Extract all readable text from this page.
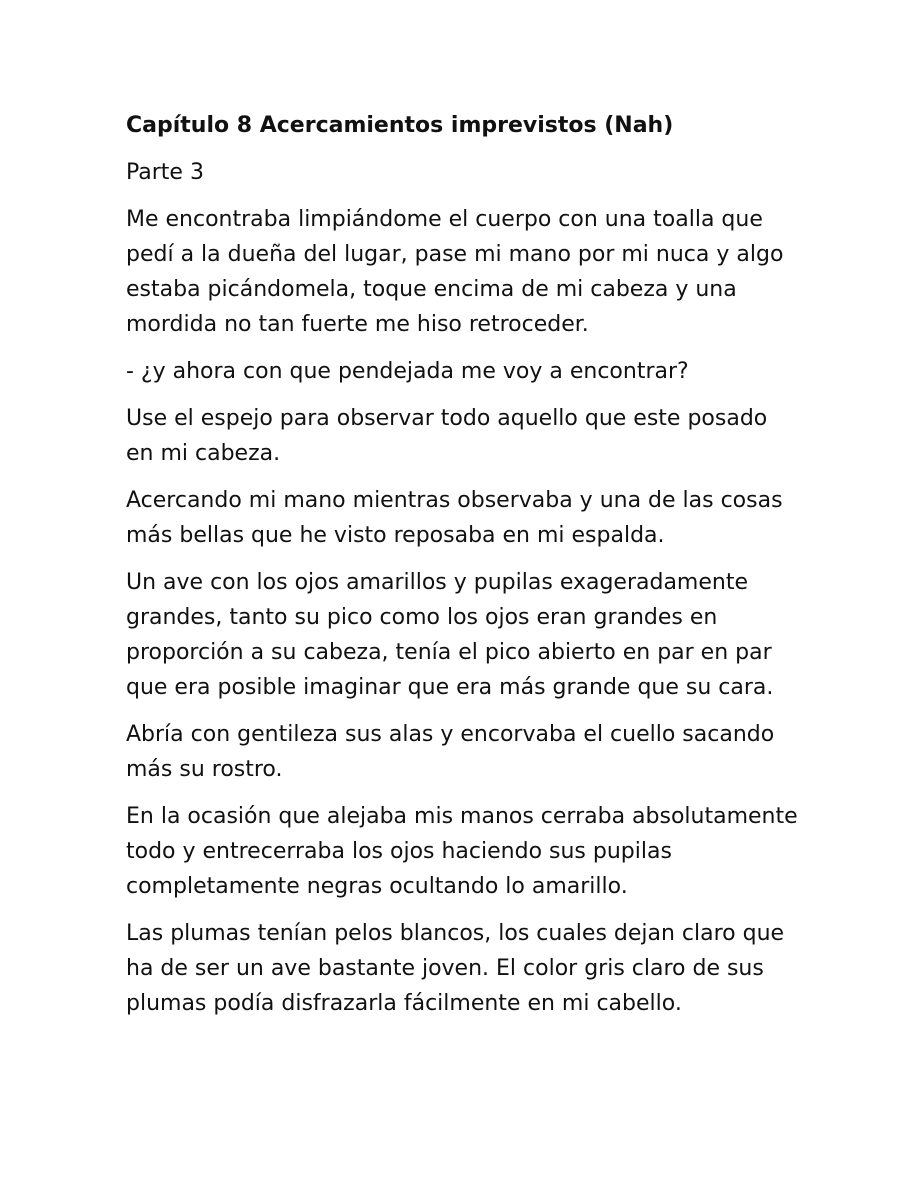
Capítulo 8 Acercamientos imprevistos (Nah)
Parte 3
Me encontraba limpiándome el cuerpo con una toalla que pedí a la dueña del lugar, pase mi mano por mi nuca y algo estaba picándomela, toque encima de mi cabeza y una mordida no tan fuerte me hiso retroceder.
- ¿y ahora con que pendejada me voy a encontrar?
Use el espejo para observar todo aquello que este posado en mi cabeza.
Acercando mi mano mientras observaba y una de las cosas más bellas que he visto reposaba en mi espalda.
Un ave con los ojos amarillos y pupilas exageradamente grandes, tanto su pico como los ojos eran grandes en proporción a su cabeza, tenía el pico abierto en par en par que era posible imaginar que era más grande que su cara.
Abría con gentileza sus alas y encorvaba el cuello sacando más su rostro.
En la ocasión que alejaba mis manos cerraba absolutamente todo y entrecerraba los ojos haciendo sus pupilas completamente negras ocultando lo amarillo.
Las plumas tenían pelos blancos, los cuales dejan claro que ha de ser un ave bastante joven. El color gris claro de sus plumas podía disfrazarla fácilmente en mi cabello.
